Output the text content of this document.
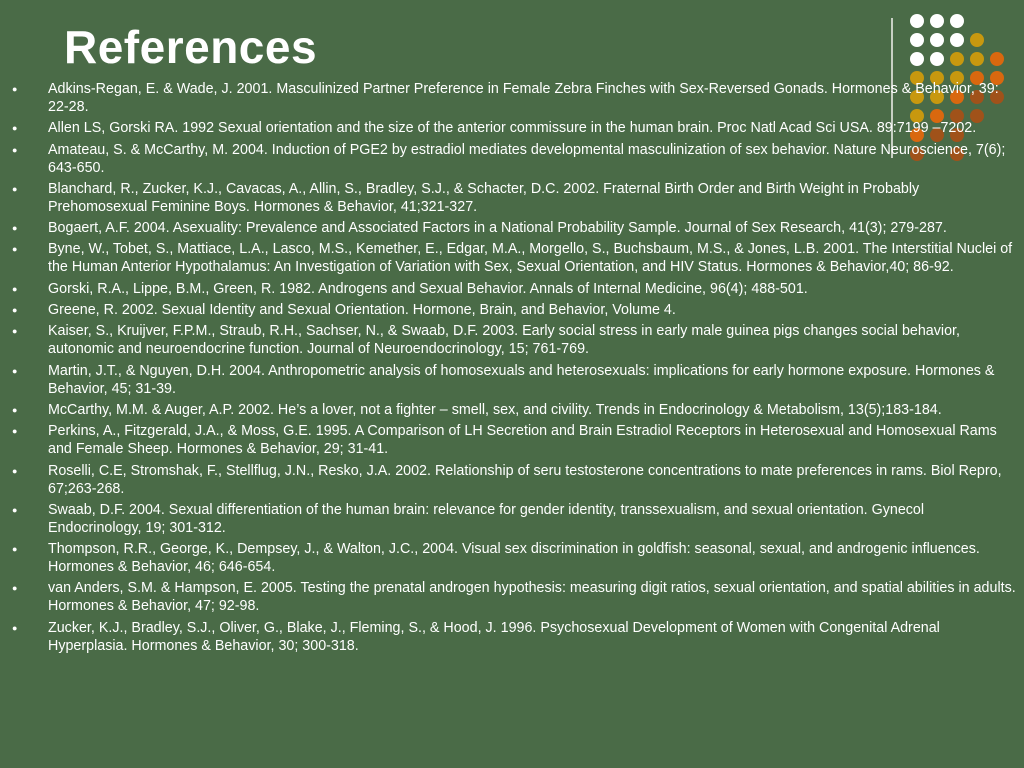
References
● Adkins-Regan, E. & Wade, J. 2001. Masculinized Partner Preference in Female Zebra Finches with Sex-Reversed Gonads. Hormones & Behavior, 39: 22-28.
● Allen LS, Gorski RA. 1992 Sexual orientation and the size of the anterior commissure in the human brain. Proc Natl Acad Sci USA. 89:7199 –7202.
● Amateau, S. & McCarthy, M. 2004. Induction of PGE2 by estradiol mediates developmental masculinization of sex behavior. Nature Neuroscience, 7(6); 643-650.
● Blanchard, R., Zucker, K.J., Cavacas, A., Allin, S., Bradley, S.J., & Schacter, D.C. 2002. Fraternal Birth Order and Birth Weight in Probably Prehomosexual Feminine Boys. Hormones & Behavior, 41;321-327.
● Bogaert, A.F. 2004. Asexuality: Prevalence and Associated Factors in a National Probability Sample. Journal of Sex Research, 41(3); 279-287.
● Byne, W., Tobet, S., Mattiace, L.A., Lasco, M.S., Kemether, E., Edgar, M.A., Morgello, S., Buchsbaum, M.S., & Jones, L.B. 2001. The Interstitial Nuclei of the Human Anterior Hypothalamus: An Investigation of Variation with Sex, Sexual Orientation, and HIV Status. Hormones & Behavior,40; 86-92.
● Gorski, R.A., Lippe, B.M., Green, R. 1982. Androgens and Sexual Behavior. Annals of Internal Medicine, 96(4); 488-501.
● Greene, R. 2002. Sexual Identity and Sexual Orientation. Hormone, Brain, and Behavior, Volume 4.
● Kaiser, S., Kruijver, F.P.M., Straub, R.H., Sachser, N., & Swaab, D.F. 2003. Early social stress in early male guinea pigs changes social behavior, autonomic and neuroendocrine function. Journal of Neuroendocrinology, 15; 761-769.
● Martin, J.T., & Nguyen, D.H. 2004. Anthropometric analysis of homosexuals and heterosexuals: implications for early hormone exposure. Hormones & Behavior, 45; 31-39.
● McCarthy, M.M. & Auger, A.P. 2002. He’s a lover, not a fighter – smell, sex, and civility. Trends in Endocrinology & Metabolism, 13(5);183-184.
● Perkins, A., Fitzgerald, J.A., & Moss, G.E. 1995. A Comparison of LH Secretion and Brain Estradiol Receptors in Heterosexual and Homosexual Rams and Female Sheep. Hormones & Behavior, 29; 31-41.
● Roselli, C.E, Stromshak, F., Stellflug, J.N., Resko, J.A. 2002. Relationship of seru testosterone concentrations to mate preferences in rams. Biol Repro, 67;263-268.
● Swaab, D.F. 2004. Sexual differentiation of the human brain: relevance for gender identity, transsexualism, and sexual orientation. Gynecol Endocrinology, 19; 301-312.
● Thompson, R.R., George, K., Dempsey, J., & Walton, J.C., 2004. Visual sex discrimination in goldfish: seasonal, sexual, and androgenic influences. Hormones & Behavior, 46; 646-654.
● van Anders, S.M. & Hampson, E. 2005. Testing the prenatal androgen hypothesis: measuring digit ratios, sexual orientation, and spatial abilities in adults. Hormones & Behavior, 47; 92-98.
● Zucker, K.J., Bradley, S.J., Oliver, G., Blake, J., Fleming, S., & Hood, J. 1996. Psychosexual Development of Women with Congenital Adrenal Hyperplasia. Hormones & Behavior, 30; 300-318.
